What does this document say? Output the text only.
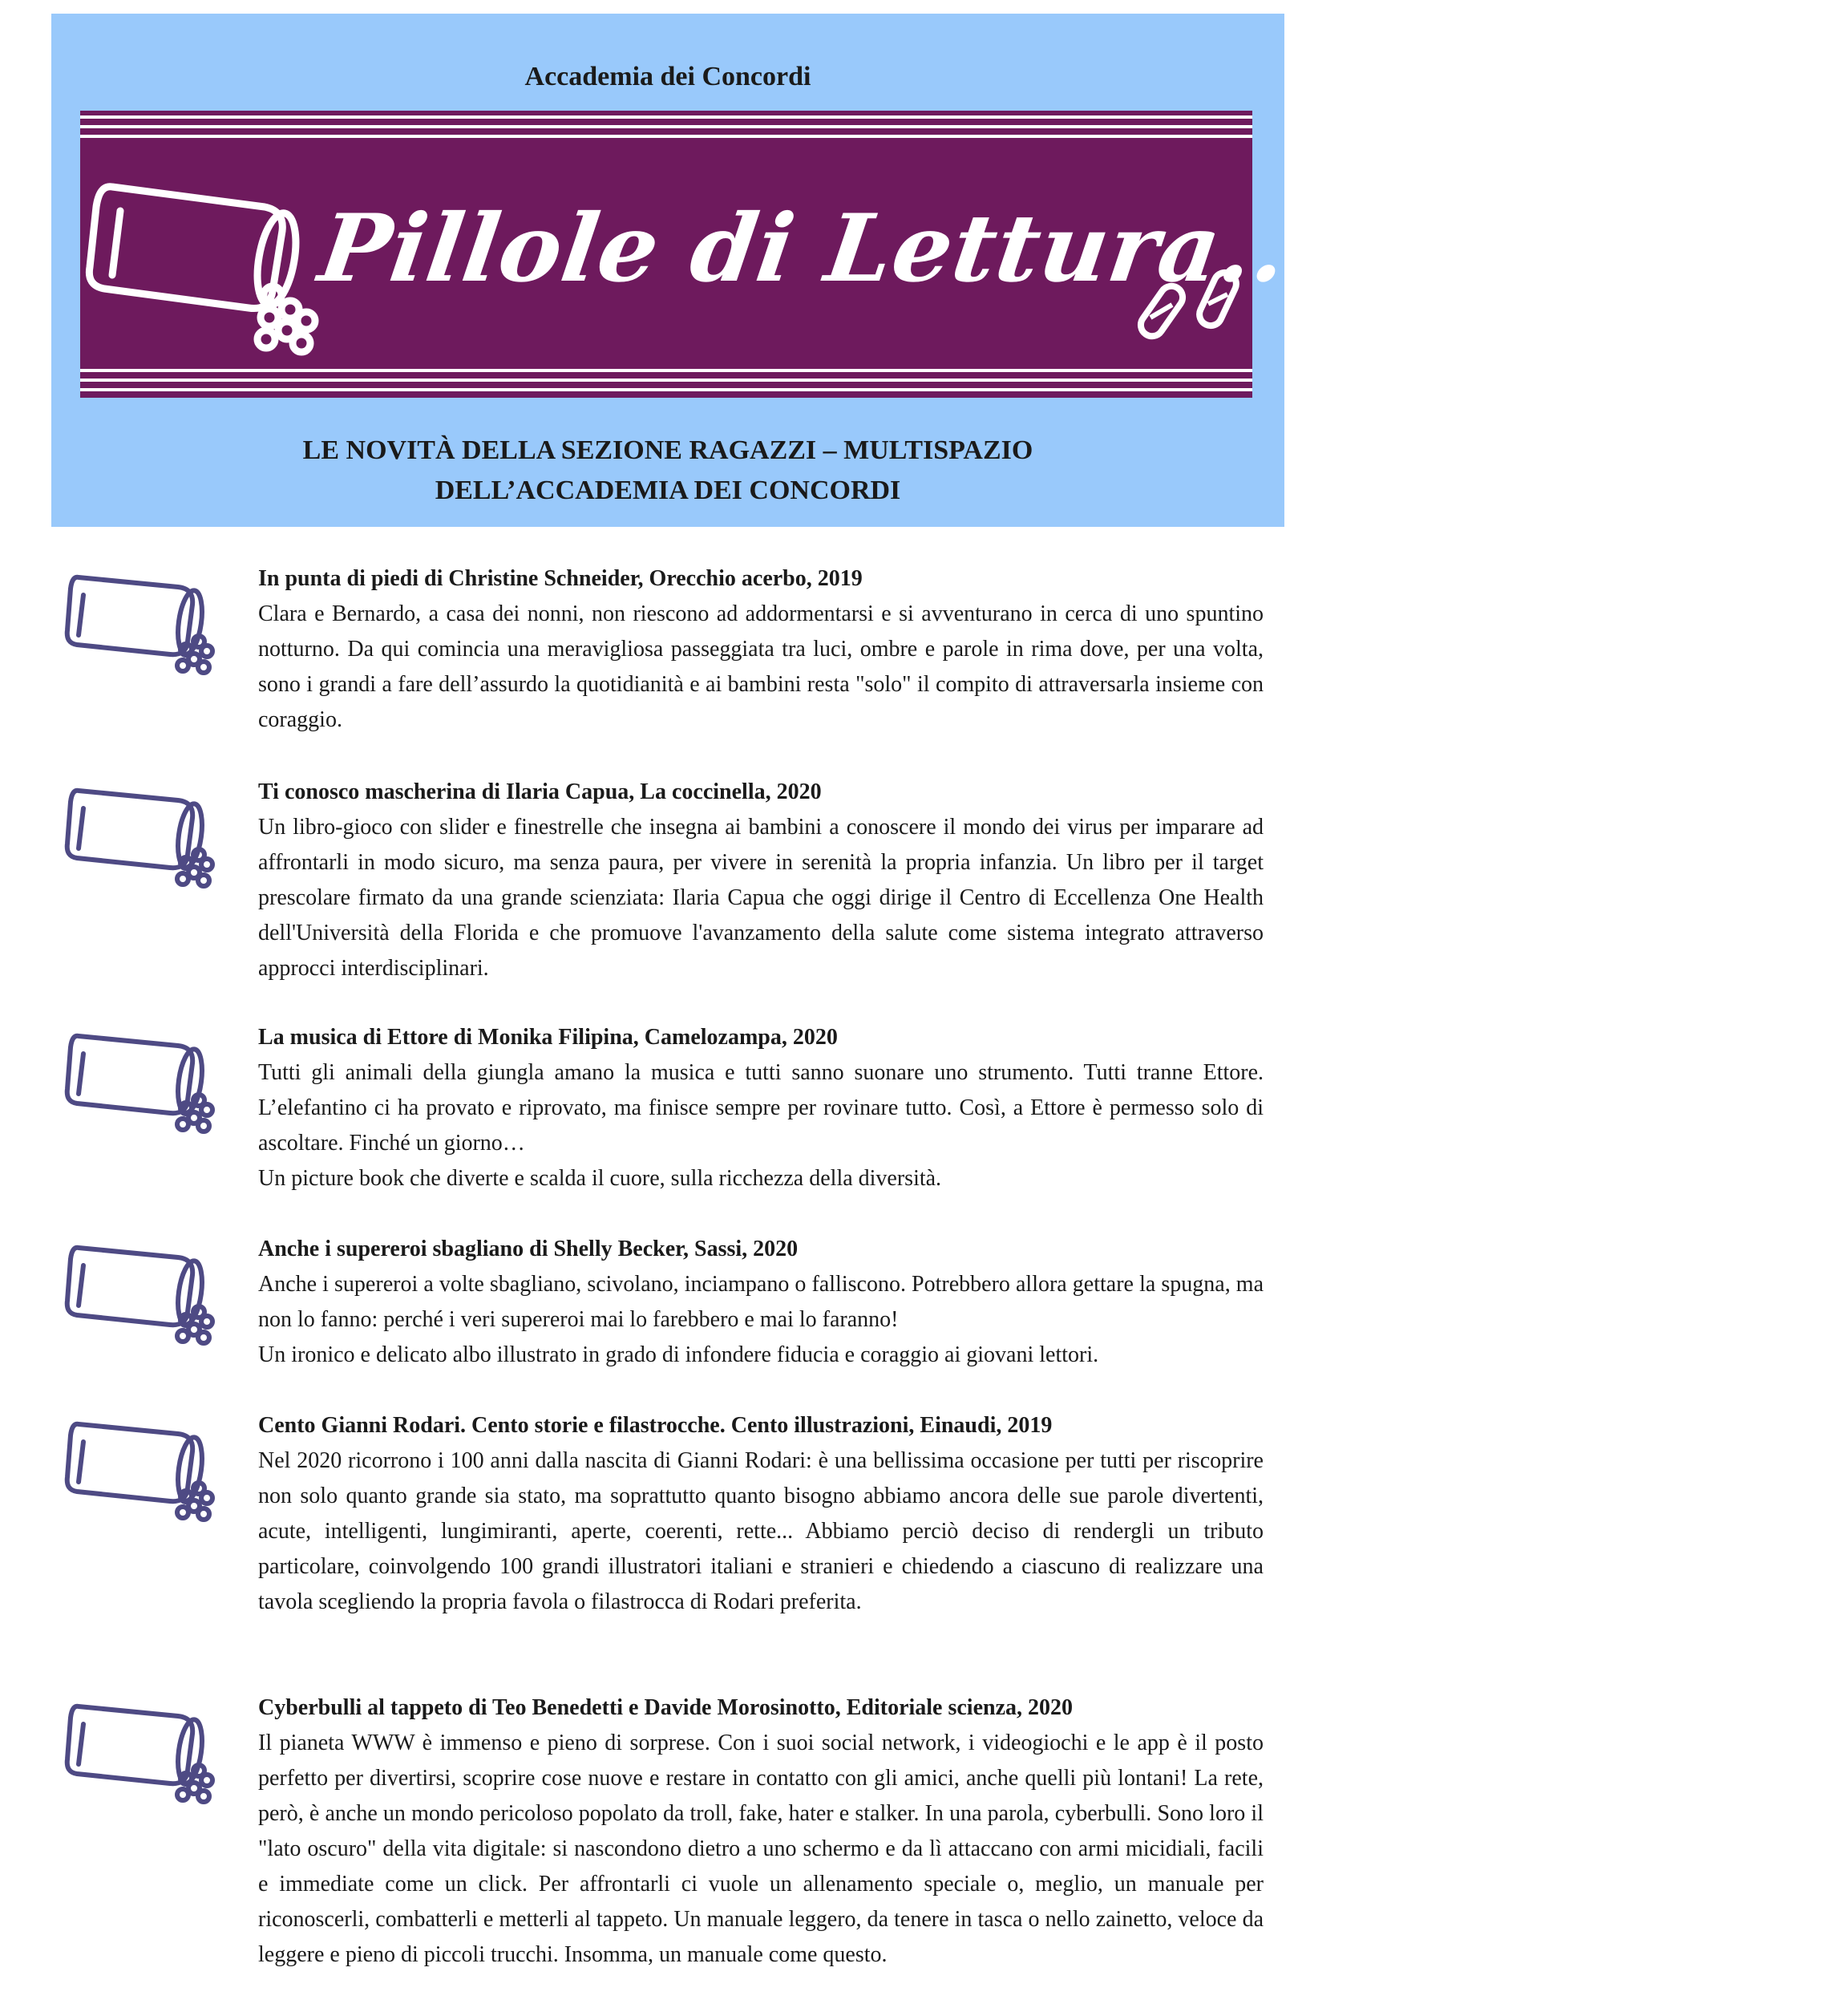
Accademia dei Concordi
Pillole di Lettura... Antivirus
LE NOVITÀ DELLA SEZIONE RAGAZZI – MULTISPAZIO
DELL’ACCADEMIA DEI CONCORDI
In punta di piedi di Christine Schneider, Orecchio acerbo, 2019
Clara e Bernardo, a casa dei nonni, non riescono ad addormentarsi e si avventurano in cerca di uno spuntino notturno. Da qui comincia una meravigliosa passeggiata tra luci, ombre e parole in rima dove, per una volta, sono i grandi a fare dell’assurdo la quotidianità e ai bambini resta "solo" il compito di attraversarla insieme con coraggio.
Ti conosco mascherina di Ilaria Capua, La coccinella, 2020
Un libro-gioco con slider e finestrelle che insegna ai bambini a conoscere il mondo dei virus per imparare ad affrontarli in modo sicuro, ma senza paura, per vivere in serenità la propria infanzia. Un libro per il target prescolare firmato da una grande scienziata: Ilaria Capua che oggi dirige il Centro di Eccellenza One Health dell'Università della Florida e che promuove l'avanzamento della salute come sistema integrato attraverso approcci interdisciplinari.
La musica di Ettore di Monika Filipina, Camelozampa, 2020
Tutti gli animali della giungla amano la musica e tutti sanno suonare uno strumento. Tutti tranne Ettore. L’elefantino ci ha provato e riprovato, ma finisce sempre per rovinare tutto. Così, a Ettore è permesso solo di ascoltare. Finché un giorno…
Un picture book che diverte e scalda il cuore, sulla ricchezza della diversità.
Anche i supereroi sbagliano di Shelly Becker, Sassi, 2020
Anche i supereroi a volte sbagliano, scivolano, inciampano o falliscono. Potrebbero allora gettare la spugna, ma non lo fanno: perché i veri supereroi mai lo farebbero e mai lo faranno!
Un ironico e delicato albo illustrato in grado di infondere fiducia e coraggio ai giovani lettori.
Cento Gianni Rodari. Cento storie e filastrocche. Cento illustrazioni, Einaudi, 2019
Nel 2020 ricorrono i 100 anni dalla nascita di Gianni Rodari: è una bellissima occasione per tutti per riscoprire non solo quanto grande sia stato, ma soprattutto quanto bisogno abbiamo ancora delle sue parole divertenti, acute, intelligenti, lungimiranti, aperte, coerenti, rette... Abbiamo perciò deciso di rendergli un tributo particolare, coinvolgendo 100 grandi illustratori italiani e stranieri e chiedendo a ciascuno di realizzare una tavola scegliendo la propria favola o filastrocca di Rodari preferita.
Cyberbulli al tappeto di Teo Benedetti e Davide Morosinotto, Editoriale scienza, 2020
Il pianeta WWW è immenso e pieno di sorprese. Con i suoi social network, i videogiochi e le app è il posto perfetto per divertirsi, scoprire cose nuove e restare in contatto con gli amici, anche quelli più lontani! La rete, però, è anche un mondo pericoloso popolato da troll, fake, hater e stalker. In una parola, cyberbulli. Sono loro il "lato oscuro" della vita digitale: si nascondono dietro a uno schermo e da lì attaccano con armi micidiali, facili e immediate come un click. Per affrontarli ci vuole un allenamento speciale o, meglio, un manuale per riconoscerli, combatterli e metterli al tappeto. Un manuale leggero, da tenere in tasca o nello zainetto, veloce da leggere e pieno di piccoli trucchi. Insomma, un manuale come questo.
